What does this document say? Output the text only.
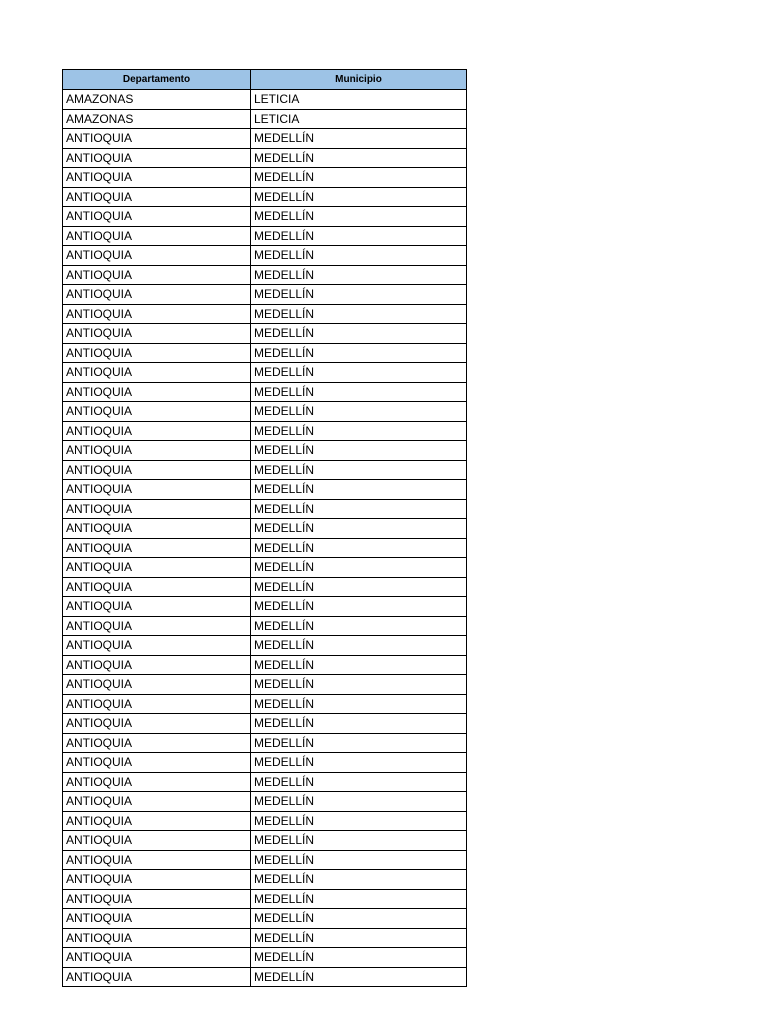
Departamento	Municipio
AMAZONAS	LETICIA
AMAZONAS	LETICIA
ANTIOQUIA	MEDELLÍN
ANTIOQUIA	MEDELLÍN
ANTIOQUIA	MEDELLÍN
ANTIOQUIA	MEDELLÍN
ANTIOQUIA	MEDELLÍN
ANTIOQUIA	MEDELLÍN
ANTIOQUIA	MEDELLÍN
ANTIOQUIA	MEDELLÍN
ANTIOQUIA	MEDELLÍN
ANTIOQUIA	MEDELLÍN
ANTIOQUIA	MEDELLÍN
ANTIOQUIA	MEDELLÍN
ANTIOQUIA	MEDELLÍN
ANTIOQUIA	MEDELLÍN
ANTIOQUIA	MEDELLÍN
ANTIOQUIA	MEDELLÍN
ANTIOQUIA	MEDELLÍN
ANTIOQUIA	MEDELLÍN
ANTIOQUIA	MEDELLÍN
ANTIOQUIA	MEDELLÍN
ANTIOQUIA	MEDELLÍN
ANTIOQUIA	MEDELLÍN
ANTIOQUIA	MEDELLÍN
ANTIOQUIA	MEDELLÍN
ANTIOQUIA	MEDELLÍN
ANTIOQUIA	MEDELLÍN
ANTIOQUIA	MEDELLÍN
ANTIOQUIA	MEDELLÍN
ANTIOQUIA	MEDELLÍN
ANTIOQUIA	MEDELLÍN
ANTIOQUIA	MEDELLÍN
ANTIOQUIA	MEDELLÍN
ANTIOQUIA	MEDELLÍN
ANTIOQUIA	MEDELLÍN
ANTIOQUIA	MEDELLÍN
ANTIOQUIA	MEDELLÍN
ANTIOQUIA	MEDELLÍN
ANTIOQUIA	MEDELLÍN
ANTIOQUIA	MEDELLÍN
ANTIOQUIA	MEDELLÍN
ANTIOQUIA	MEDELLÍN
ANTIOQUIA	MEDELLÍN
ANTIOQUIA	MEDELLÍN
ANTIOQUIA	MEDELLÍN
